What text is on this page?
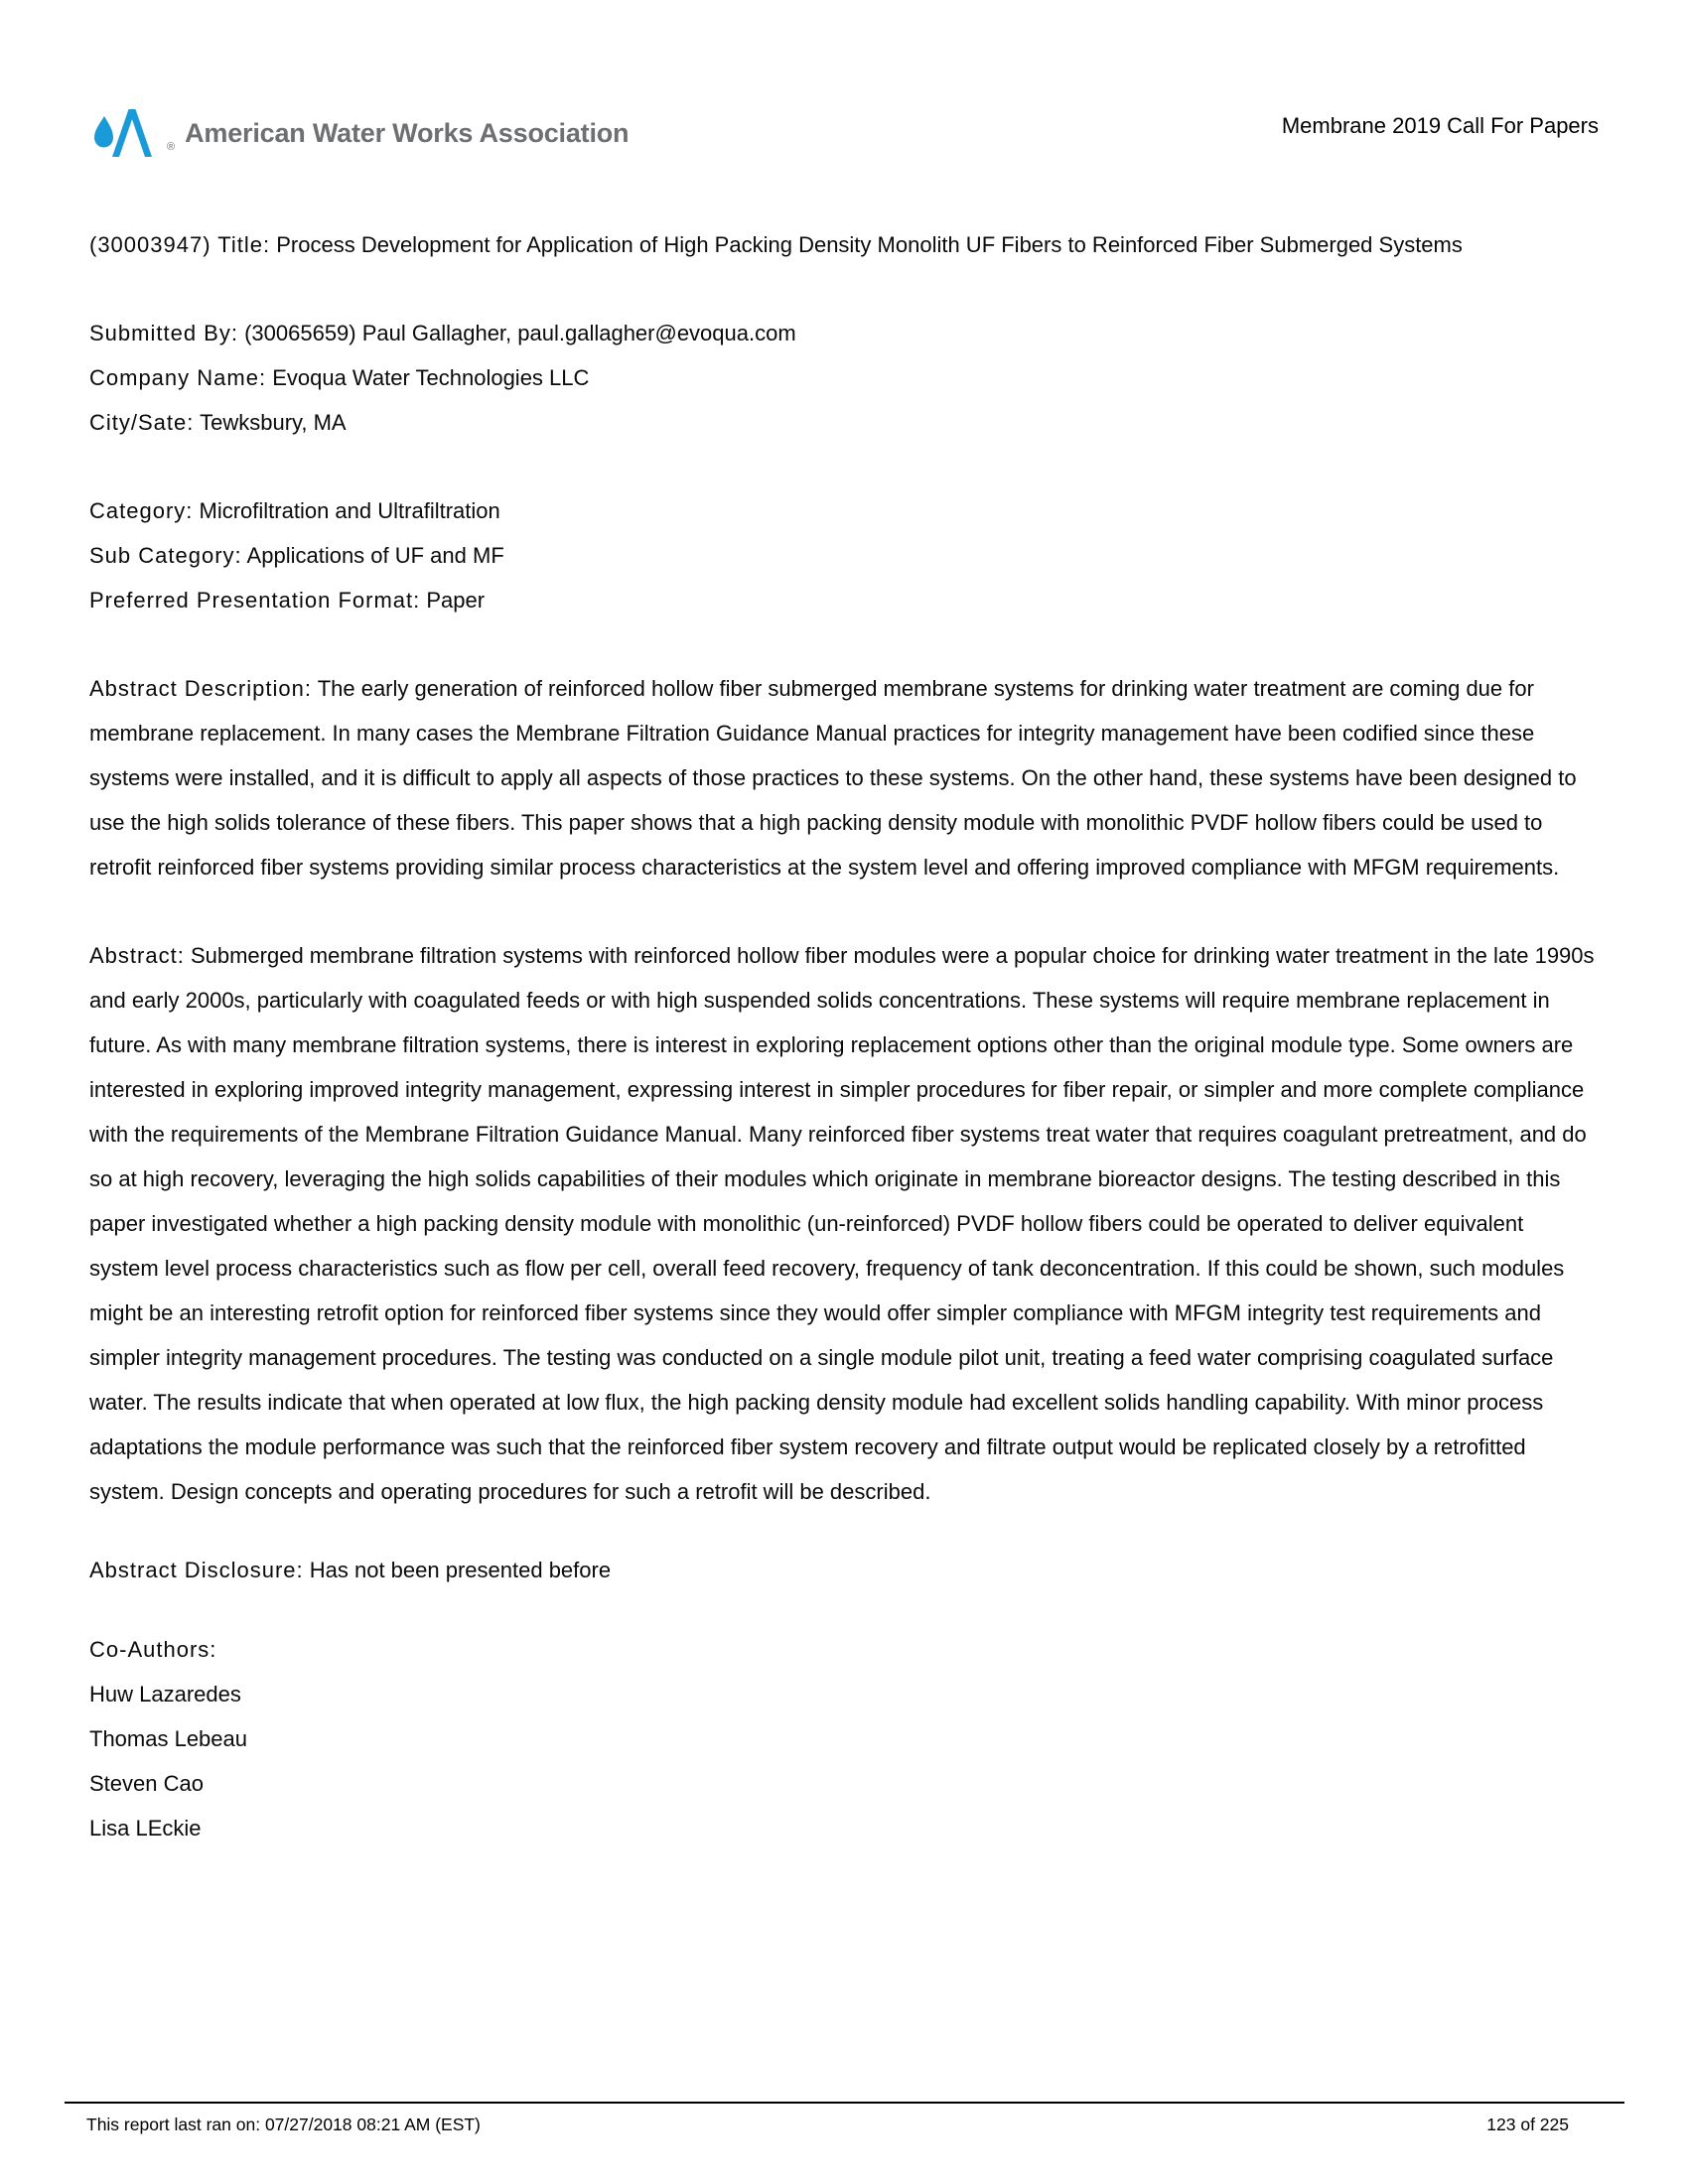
® American Water Works Association	Membrane 2019 Call For Papers
(30003947) Title: Process Development for Application of High Packing Density Monolith UF Fibers to Reinforced Fiber Submerged Systems
Submitted By: (30065659) Paul Gallagher, paul.gallagher@evoqua.com
Company Name: Evoqua Water Technologies LLC
City/Sate: Tewksbury, MA
Category: Microfiltration and Ultrafiltration
Sub Category: Applications of UF and MF
Preferred Presentation Format: Paper
Abstract Description: The early generation of reinforced hollow fiber submerged membrane systems for drinking water treatment are coming due for membrane replacement. In many cases the Membrane Filtration Guidance Manual practices for integrity management have been codified since these systems were installed, and it is difficult to apply all aspects of those practices to these systems. On the other hand, these systems have been designed to use the high solids tolerance of these fibers. This paper shows that a high packing density module with monolithic PVDF hollow fibers could be used to retrofit reinforced fiber systems providing similar process characteristics at the system level and offering improved compliance with MFGM requirements.
Abstract: Submerged membrane filtration systems with reinforced hollow fiber modules were a popular choice for drinking water treatment in the late 1990s and early 2000s, particularly with coagulated feeds or with high suspended solids concentrations. These systems will require membrane replacement in future. As with many membrane filtration systems, there is interest in exploring replacement options other than the original module type. Some owners are interested in exploring improved integrity management, expressing interest in simpler procedures for fiber repair, or simpler and more complete compliance with the requirements of the Membrane Filtration Guidance Manual. Many reinforced fiber systems treat water that requires coagulant pretreatment, and do so at high recovery, leveraging the high solids capabilities of their modules which originate in membrane bioreactor designs. The testing described in this paper investigated whether a high packing density module with monolithic (un-reinforced) PVDF hollow fibers could be operated to deliver equivalent system level process characteristics such as flow per cell, overall feed recovery, frequency of tank deconcentration. If this could be shown, such modules might be an interesting retrofit option for reinforced fiber systems since they would offer simpler compliance with MFGM integrity test requirements and simpler integrity management procedures. The testing was conducted on a single module pilot unit, treating a feed water comprising coagulated surface water. The results indicate that when operated at low flux, the high packing density module had excellent solids handling capability. With minor process adaptations the module performance was such that the reinforced fiber system recovery and filtrate output would be replicated closely by a retrofitted system. Design concepts and operating procedures for such a retrofit will be described.
Abstract Disclosure: Has not been presented before
Co-Authors:
Huw Lazaredes
Thomas Lebeau
Steven Cao
Lisa LEckie
This report last ran on: 07/27/2018 08:21 AM (EST)	123 of 225
